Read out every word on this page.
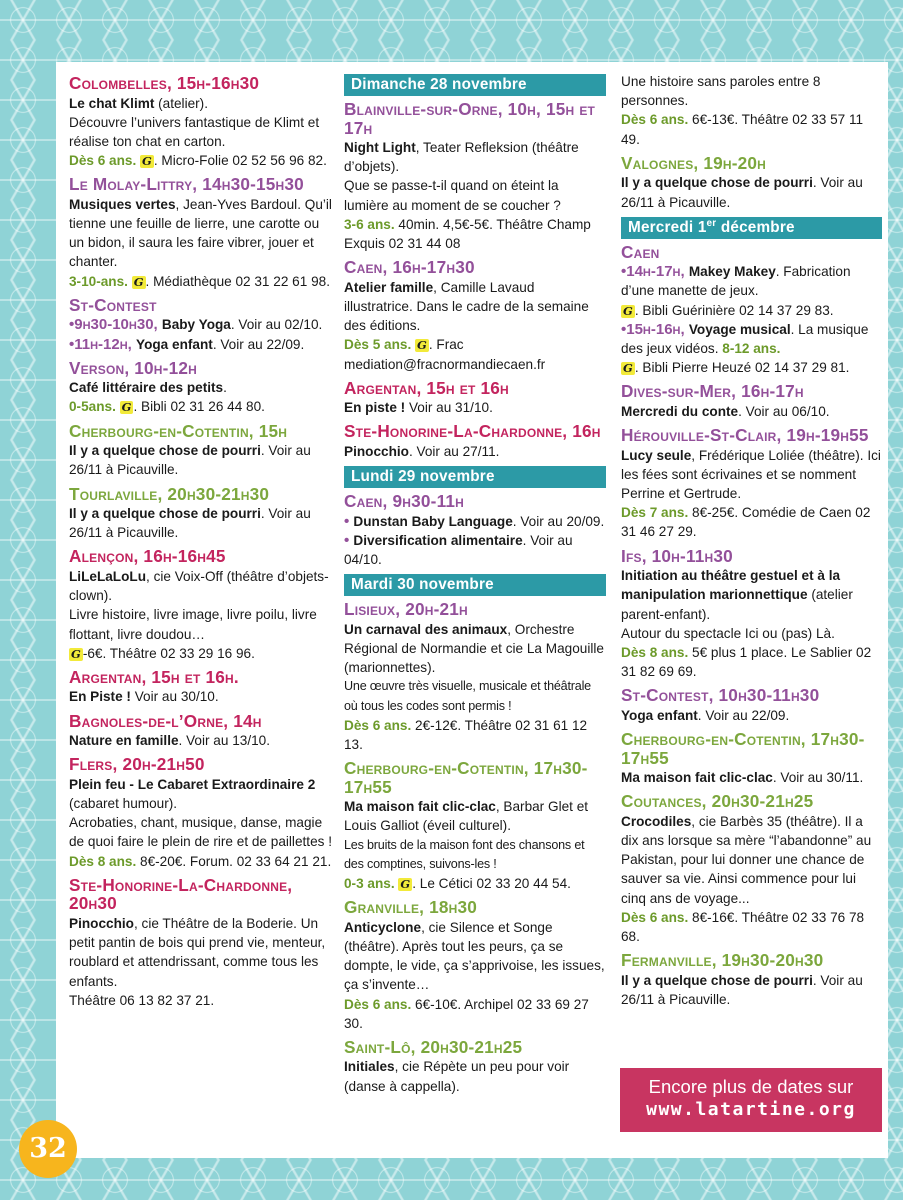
Colombelles, 15h-16h30

Le chat Klimt (atelier).

Découvre l’univers fantastique de Klimt et réalise ton chat en carton.

Dès 6 ans. G . Micro-Folie 02 52 56 96 82.

Le Molay-Littry, 14h30-15h30

Musiques vertes, Jean-Yves Bardoul. Qu’il tienne une feuille de lierre, une carotte ou un bidon, il saura les faire vibrer, jouer et chanter.

3-10-ans. G . Médiathèque 02 31 22 61 98.

St-Contest

•9h30-10h30, Baby Yoga. Voir au 02/10.

•11h-12h, Yoga enfant. Voir au 22/09.

Verson, 10h-12h

Café littéraire des petits.

0-5ans. G . Bibli 02 31 26 44 80.

Cherbourg-en-Cotentin, 15h

Il y a quelque chose de pourri. Voir au 26/11 à Picauville.

Tourlaville, 20h30-21h30

Il y a quelque chose de pourri. Voir au 26/11 à Picauville.

Alençon, 16h-16h45

LiLeLaLoLu, cie Voix-Off (théâtre d’objets-clown).

Livre histoire, livre image, livre poilu, livre flottant, livre doudou…

G -6€. Théâtre 02 33 29 16 96.

Argentan, 15h et 16h.

En Piste ! Voir au 30/10.

Bagnoles-de-l’Orne, 14h

Nature en famille. Voir au 13/10.

Flers, 20h-21h50

Plein feu - Le Cabaret Extraordinaire 2 (cabaret humour).

Acrobaties, chant, musique, danse, magie de quoi faire le plein de rire et de paillettes !

Dès 8 ans. 8€-20€. Forum. 02 33 64 21 21.

Ste-Honorine-La-Chardonne, 20h30

Pinocchio, cie Théâtre de la Boderie. Un petit pantin de bois qui prend vie, menteur, roublard et attendrissant, comme tous les enfants.

Théâtre 06 13 82 37 21.

Dimanche 28 novembre
Blainville-sur-Orne, 10h, 15h et 17h

Night Light, Teater Refleksion (théâtre d’objets).

Que se passe-t-il quand on éteint la lumière au moment de se coucher ?

3-6 ans. 40min. 4,5€-5€. Théâtre Champ Exquis 02 31 44 08

Caen, 16h-17h30

Atelier famille, Camille Lavaud illustratrice. Dans le cadre de la semaine des éditions.

Dès 5 ans. G . Frac mediation@fracnormandiecaen.fr

Argentan, 15h et 16h

En piste ! Voir au 31/10.

Ste-Honorine-La-Chardonne, 16h

Pinocchio. Voir au 27/11.

Lundi 29 novembre
Caen, 9h30-11h

• Dunstan Baby Language. Voir au 20/09.

• Diversification alimentaire. Voir au 04/10.

Mardi 30 novembre
Lisieux, 20h-21h

Un carnaval des animaux, Orchestre Régional de Normandie et cie La Magouille (marionnettes).

Une œuvre très visuelle, musicale et théâtrale où tous les codes sont permis !

Dès 6 ans. 2€-12€. Théâtre 02 31 61 12 13.

Cherbourg-en-Cotentin, 17h30-17h55

Ma maison fait clic-clac, Barbar Glet et Louis Galliot (éveil culturel).

Les bruits de la maison font des chansons et des comptines, suivons-les !

0-3 ans. G . Le Cétici 02 33 20 44 54.

Granville, 18h30

Anticyclone, cie Silence et Songe (théâtre). Après tout les peurs, ça se dompte, le vide, ça s’apprivoise, les issues, ça s’invente…

Dès 6 ans. 6€-10€. Archipel 02 33 69 27 30.

Saint-Lô, 20h30-21h25

Initiales, cie Répète un peu pour voir (danse à cappella).

Une histoire sans paroles entre 8 personnes.

Dès 6 ans. 6€-13€. Théâtre 02 33 57 11 49.

Valognes, 19h-20h

Il y a quelque chose de pourri. Voir au 26/11 à Picauville.

Mercredi 1er décembre
Caen

•14h-17h, Makey Makey. Fabrication d’une manette de jeux.

G . Bibli Guérinière 02 14 37 29 83.

•15h-16h, Voyage musical. La musique des jeux vidéos. 8-12 ans.

G . Bibli Pierre Heuzé 02 14 37 29 81.

Dives-sur-Mer, 16h-17h

Mercredi du conte. Voir au 06/10.

Hérouville-St-Clair, 19h-19h55

Lucy seule, Frédérique Loliée (théâtre). Ici les fées sont écrivaines et se nomment Perrine et Gertrude.

Dès 7 ans. 8€-25€. Comédie de Caen 02 31 46 27 29.

Ifs, 10h-11h30

Initiation au théâtre gestuel et à la manipulation marionnettique (atelier parent-enfant).

Autour du spectacle Ici ou (pas) Là.

Dès 8 ans. 5€ plus 1 place. Le Sablier 02 31 82 69 69.

St-Contest, 10h30-11h30

Yoga enfant. Voir au 22/09.

Cherbourg-en-Cotentin, 17h30-17h55

Ma maison fait clic-clac. Voir au 30/11.

Coutances, 20h30-21h25

Crocodiles, cie Barbès 35 (théâtre). Il a dix ans lorsque sa mère “l’abandonne” au Pakistan, pour lui donner une chance de sauver sa vie. Ainsi commence pour lui cinq ans de voyage...

Dès 6 ans. 8€-16€. Théâtre 02 33 76 78 68.

Fermanville, 19h30-20h30

Il y a quelque chose de pourri. Voir au 26/11 à Picauville.

Encore plus de dates sur
www.latartine.org
32
